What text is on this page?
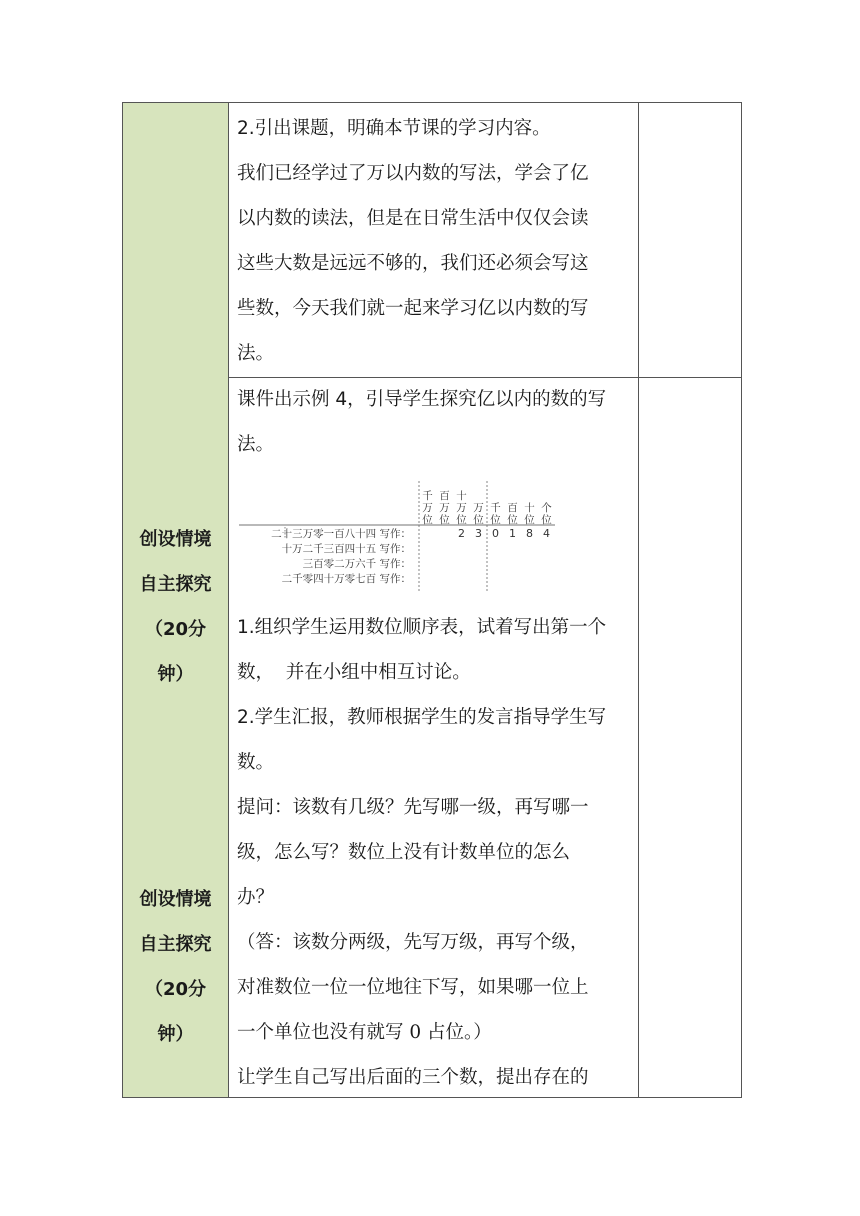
2.引出课题，明确本节课的学习内容。

我们已经学过了万以内数的写法，学会了亿

以内数的读法，但是在日常生活中仅仅会读

这些大数是远远不够的，我们还必须会写这

些数，今天我们就一起来学习亿以内数的写

法。

创设情境
自主探究
（20分
钟）
创设情境
自主探究
（20分
钟）

课件出示例 4，引导学生探究亿以内的数的写

法。

千
万
位
百
万
位
十
万
位
万
位
千
位
百
位
十
位
个
位
二十三万零一百八十四 写作：	2 3 0 1 8 4
十万二千三百四十五 写作：
三百零二万六千 写作：
二千零四十万零七百 写作：

1.组织学生运用数位顺序表，试着写出第一个

数，  并在小组中相互讨论。

2.学生汇报，教师根据学生的发言指导学生写

数。

提问：该数有几级？先写哪一级，再写哪一

级，怎么写？数位上没有计数单位的怎么

办？

（答：该数分两级，先写万级，再写个级，

对准数位一位一位地往下写，如果哪一位上

一个单位也没有就写 0 占位。）

让学生自己写出后面的三个数，提出存在的
